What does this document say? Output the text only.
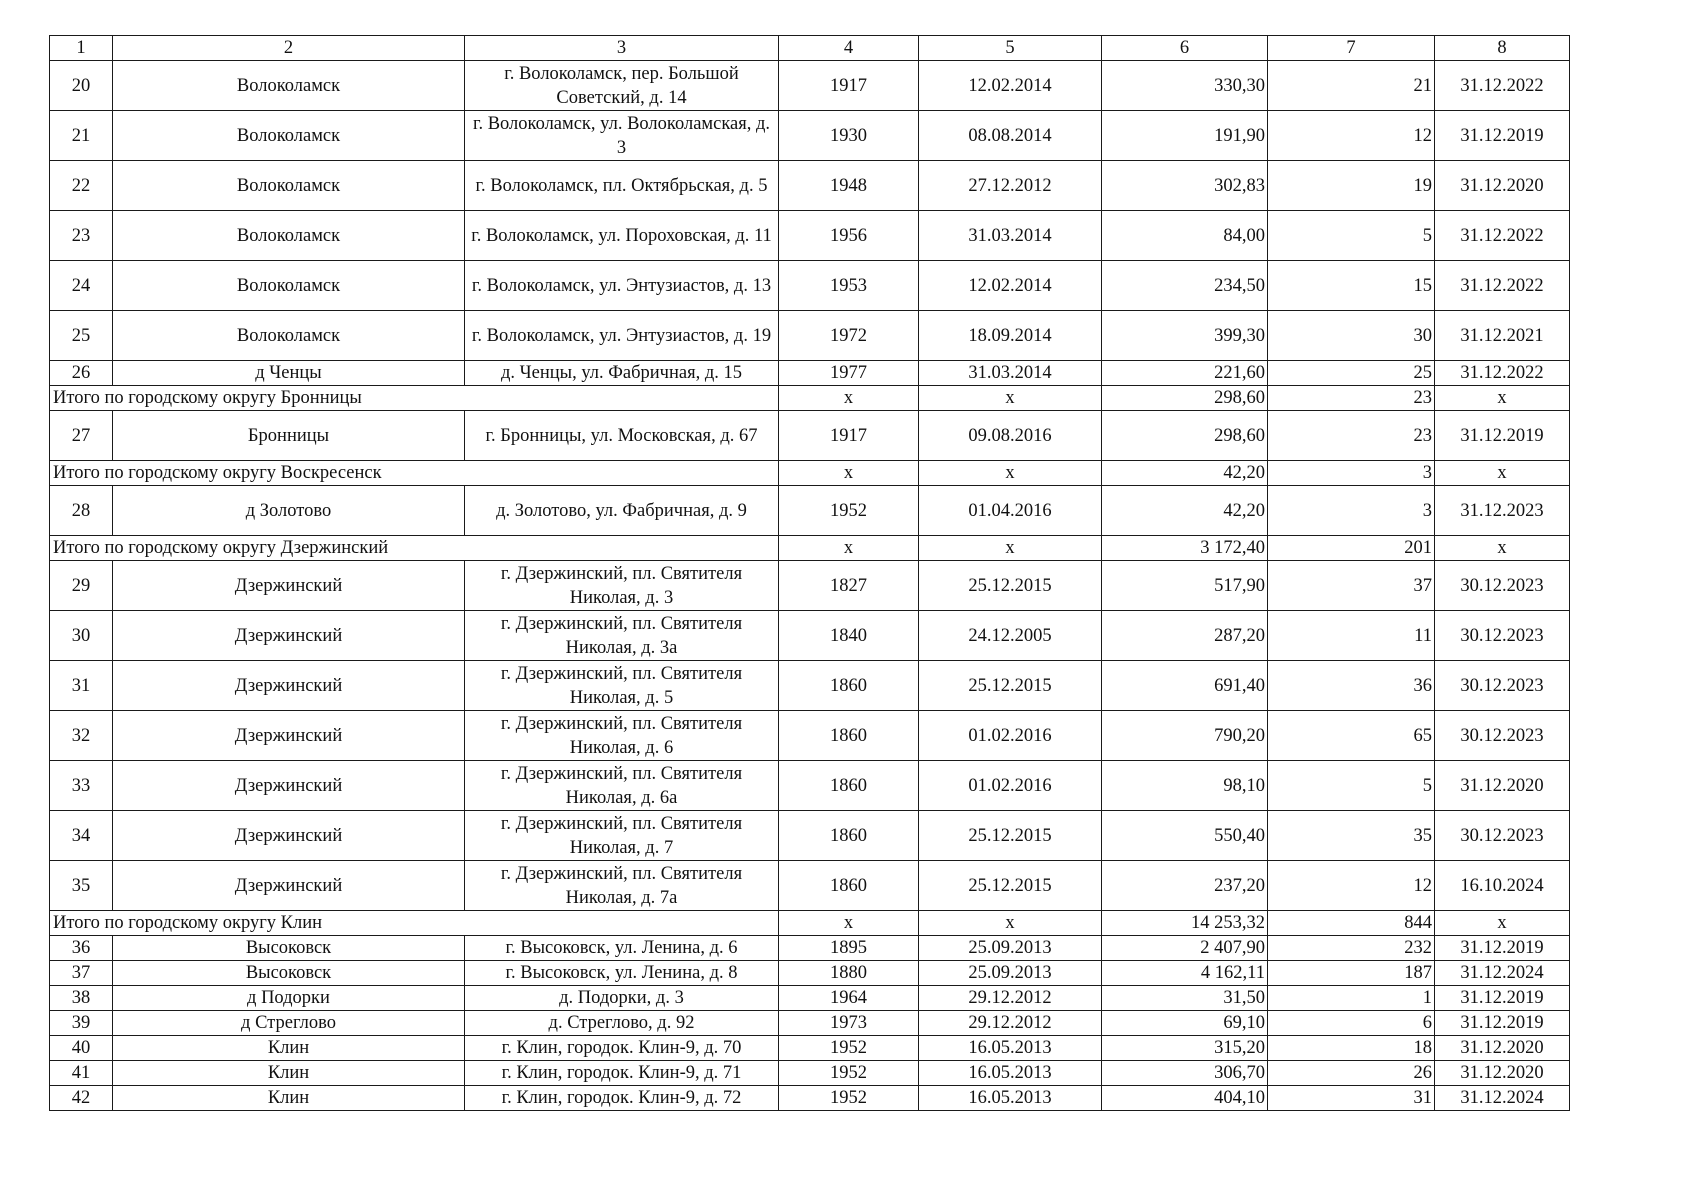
1	2	3	4	5	6	7	8
20	Волоколамск	г. Волоколамск, пер. Большой Советский, д. 14	1917	12.02.2014	330,30	21	31.12.2022
21	Волоколамск	г. Волоколамск, ул. Волоколамская, д. 3	1930	08.08.2014	191,90	12	31.12.2019
22	Волоколамск	г. Волоколамск, пл. Октябрьская, д. 5	1948	27.12.2012	302,83	19	31.12.2020
23	Волоколамск	г. Волоколамск, ул. Пороховская, д. 11	1956	31.03.2014	84,00	5	31.12.2022
24	Волоколамск	г. Волоколамск, ул. Энтузиастов, д. 13	1953	12.02.2014	234,50	15	31.12.2022
25	Волоколамск	г. Волоколамск, ул. Энтузиастов, д. 19	1972	18.09.2014	399,30	30	31.12.2021
26	д Ченцы	д. Ченцы, ул. Фабричная, д. 15	1977	31.03.2014	221,60	25	31.12.2022
Итого по городскому округу Бронницы			x	x	298,60	23	x
27	Бронницы	г. Бронницы, ул. Московская, д. 67	1917	09.08.2016	298,60	23	31.12.2019
Итого по городскому округу Воскресенск			x	x	42,20	3	x
28	д Золотово	д. Золотово, ул. Фабричная, д. 9	1952	01.04.2016	42,20	3	31.12.2023
Итого по городскому округу Дзержинский			x	x	3 172,40	201	x
29	Дзержинский	г. Дзержинский, пл. Святителя Николая, д. 3	1827	25.12.2015	517,90	37	30.12.2023
30	Дзержинский	г. Дзержинский, пл. Святителя Николая, д. 3а	1840	24.12.2005	287,20	11	30.12.2023
31	Дзержинский	г. Дзержинский, пл. Святителя Николая, д. 5	1860	25.12.2015	691,40	36	30.12.2023
32	Дзержинский	г. Дзержинский, пл. Святителя Николая, д. 6	1860	01.02.2016	790,20	65	30.12.2023
33	Дзержинский	г. Дзержинский, пл. Святителя Николая, д. 6а	1860	01.02.2016	98,10	5	31.12.2020
34	Дзержинский	г. Дзержинский, пл. Святителя Николая, д. 7	1860	25.12.2015	550,40	35	30.12.2023
35	Дзержинский	г. Дзержинский, пл. Святителя Николая, д. 7а	1860	25.12.2015	237,20	12	16.10.2024
Итого по городскому округу Клин			x	x	14 253,32	844	x
36	Высоковск	г. Высоковск, ул. Ленина, д. 6	1895	25.09.2013	2 407,90	232	31.12.2019
37	Высоковск	г. Высоковск, ул. Ленина, д. 8	1880	25.09.2013	4 162,11	187	31.12.2024
38	д Подорки	д. Подорки, д. 3	1964	29.12.2012	31,50	1	31.12.2019
39	д Стреглово	д. Стреглово, д. 92	1973	29.12.2012	69,10	6	31.12.2019
40	Клин	г. Клин, городок. Клин-9, д. 70	1952	16.05.2013	315,20	18	31.12.2020
41	Клин	г. Клин, городок. Клин-9, д. 71	1952	16.05.2013	306,70	26	31.12.2020
42	Клин	г. Клин, городок. Клин-9, д. 72	1952	16.05.2013	404,10	31	31.12.2024
